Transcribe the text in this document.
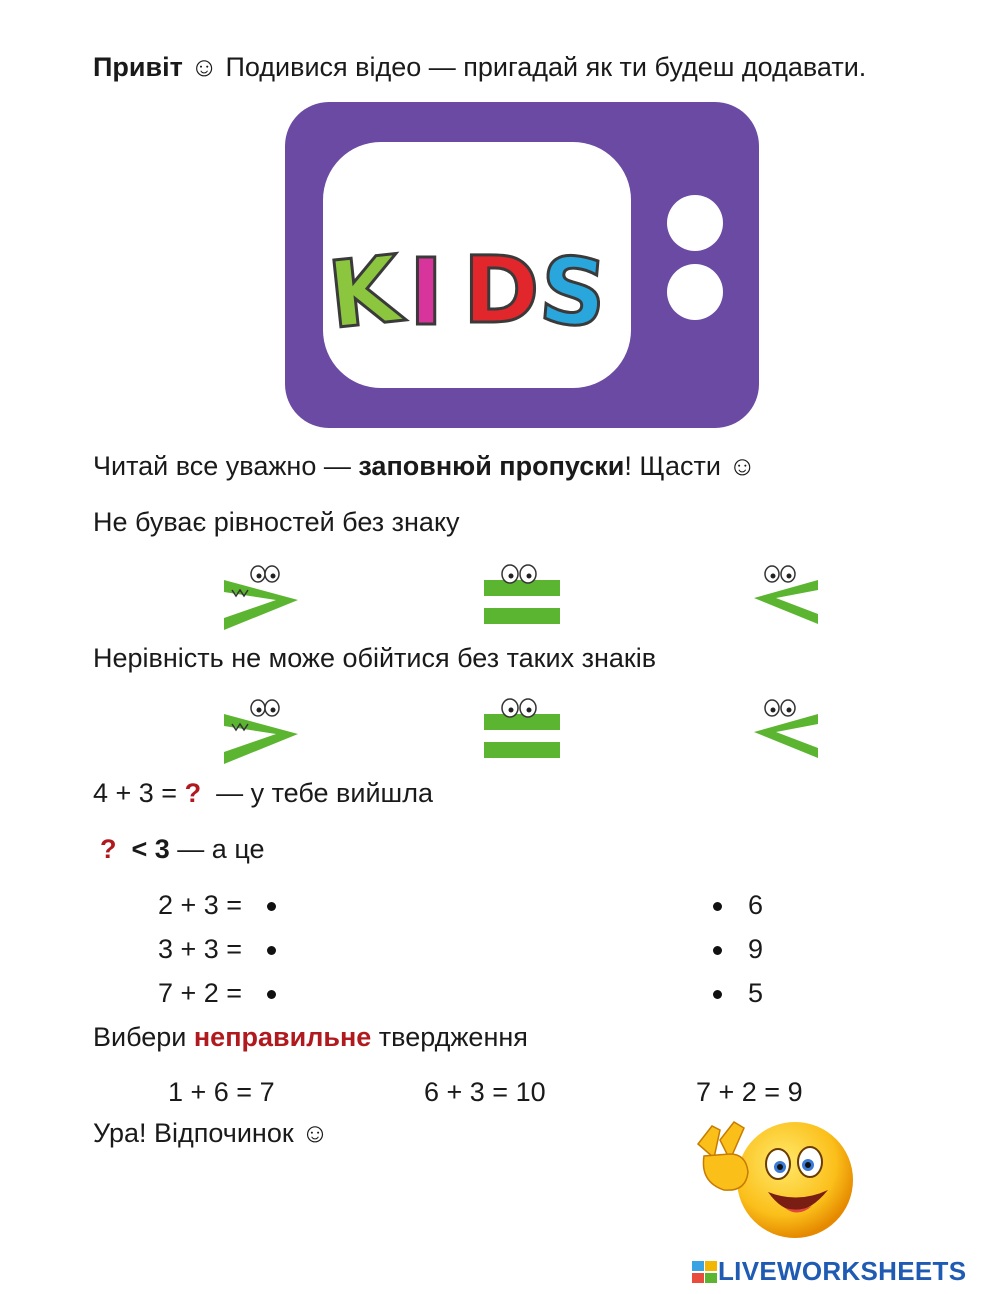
Привіт ☺ Подивися відео — пригадай як ти будеш додавати.
K I D
S
Читай все уважно — заповнюй пропуски! Щасти ☺
Не буває рівностей без знаку
Нерівність не може обійтися без таких знаків
4 + 3 = ? — у тебе вийшла
? < 3 — а це
2 + 3 =
3 + 3 =
7 + 2 =
6
9
5
Вибери неправильне твердження
1 + 6 = 7	6 + 3 = 10	7 + 2 = 9
Ура! Відпочинок ☺
LIVEWORKSHEETS
